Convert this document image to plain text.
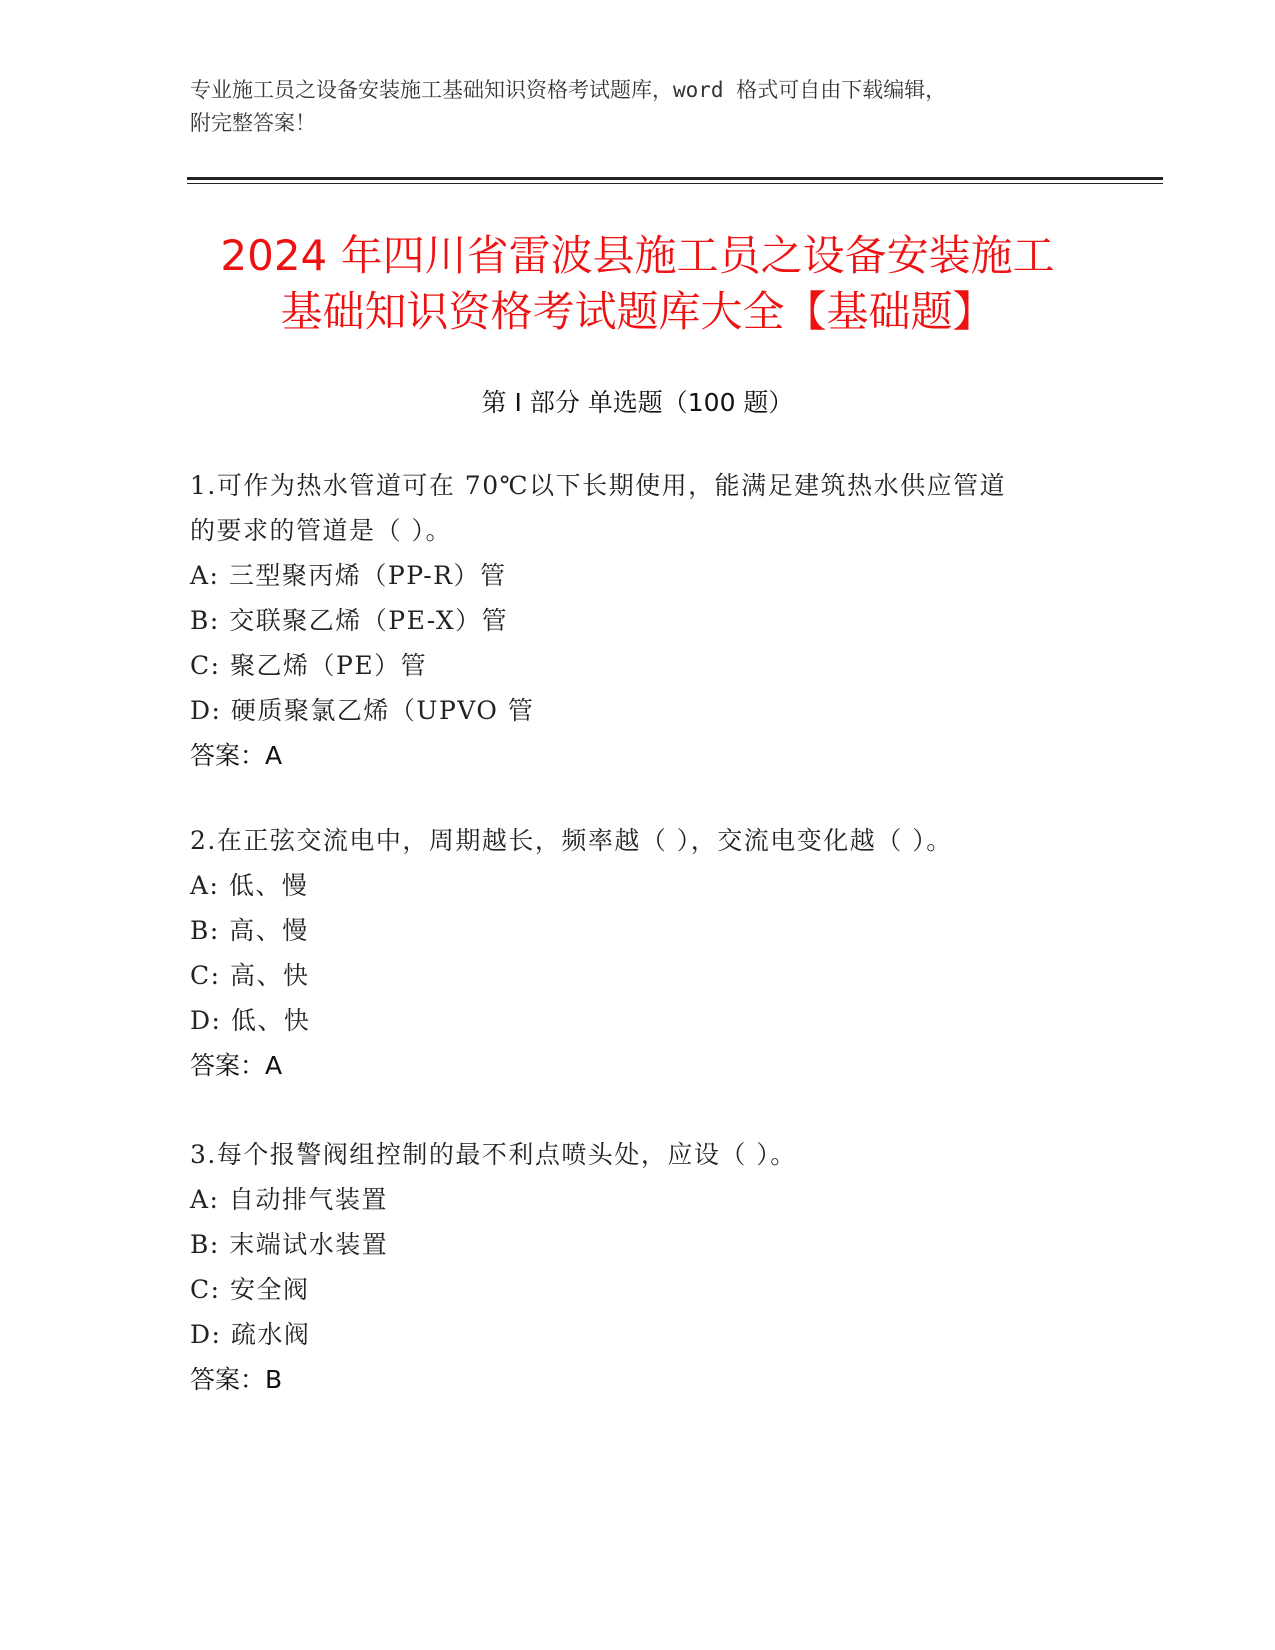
专业施工员之设备安装施工基础知识资格考试题库，word 格式可自由下载编辑，
附完整答案！
2024 年四川省雷波县施工员之设备安装施工
基础知识资格考试题库大全【基础题】
第 I 部分 单选题（100 题）
1.可作为热水管道可在 70℃以下长期使用，能满足建筑热水供应管道
的要求的管道是（ ）。
A: 三型聚丙烯（PP-R）管
B: 交联聚乙烯（PE-X）管
C: 聚乙烯（PE）管
D: 硬质聚氯乙烯（UPVO 管
答案：A
2.在正弦交流电中，周期越长，频率越（ ），交流电变化越（ ）。
A: 低、慢
B: 高、慢
C: 高、快
D: 低、快
答案：A
3.每个报警阀组控制的最不利点喷头处，应设（ ）。
A: 自动排气装置
B: 末端试水装置
C: 安全阀
D: 疏水阀
答案：B
